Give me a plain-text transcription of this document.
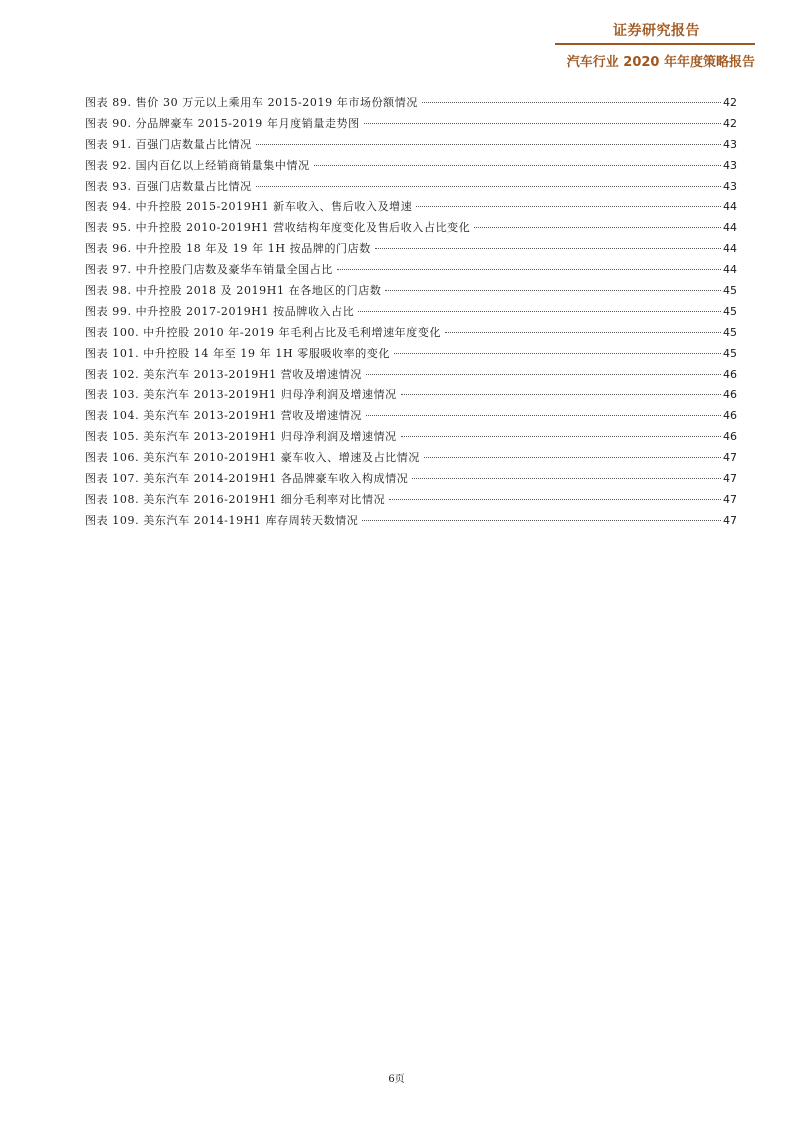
证券研究报告
汽车行业 2020 年年度策略报告
图表 89. 售价 30 万元以上乘用车 2015-2019 年市场份额情况	42
图表 90. 分品牌豪车 2015-2019 年月度销量走势图	42
图表 91. 百强门店数量占比情况	43
图表 92. 国内百亿以上经销商销量集中情况	43
图表 93. 百强门店数量占比情况	43
图表 94. 中升控股 2015-2019H1 新车收入、售后收入及增速	44
图表 95. 中升控股 2010-2019H1 营收结构年度变化及售后收入占比变化	44
图表 96. 中升控股 18 年及 19 年 1H 按品牌的门店数	44
图表 97. 中升控股门店数及豪华车销量全国占比	44
图表 98. 中升控股 2018 及 2019H1 在各地区的门店数	45
图表 99. 中升控股 2017-2019H1 按品牌收入占比	45
图表 100. 中升控股 2010 年-2019 年毛利占比及毛利增速年度变化	45
图表 101. 中升控股 14 年至 19 年 1H 零服吸收率的变化	45
图表 102. 美东汽车 2013-2019H1 营收及增速情况	46
图表 103. 美东汽车 2013-2019H1 归母净利润及增速情况	46
图表 104. 美东汽车 2013-2019H1 营收及增速情况	46
图表 105. 美东汽车 2013-2019H1 归母净利润及增速情况	46
图表 106. 美东汽车 2010-2019H1 豪车收入、增速及占比情况	47
图表 107. 美东汽车 2014-2019H1 各品牌豪车收入构成情况	47
图表 108. 美东汽车 2016-2019H1 细分毛利率对比情况	47
图表 109. 美东汽车 2014-19H1 库存周转天数情况	47
6页
